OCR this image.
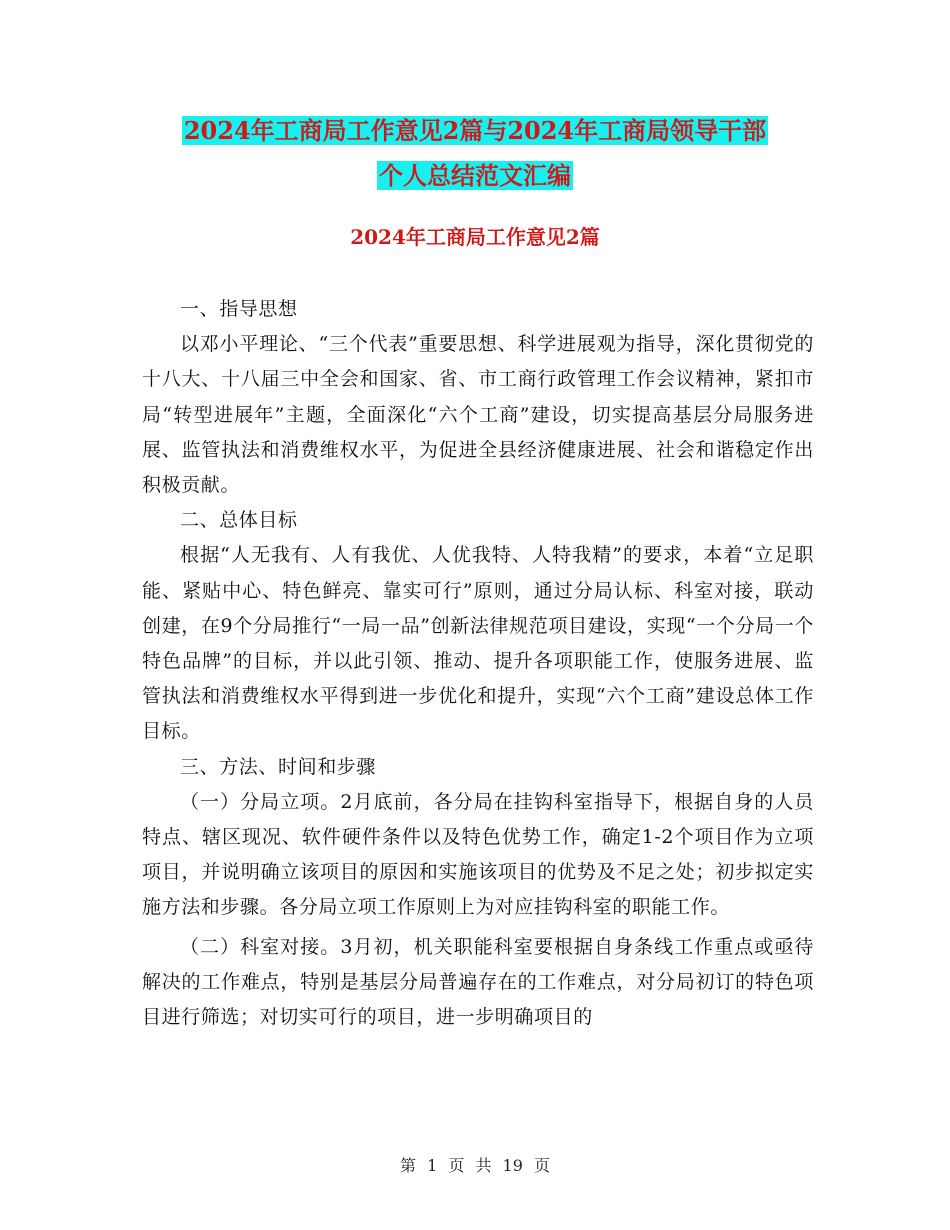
2024年工商局工作意见2篇与2024年工商局领导干部
个人总结范文汇编
2024年工商局工作意见2篇

一、指导思想

以邓小平理论、“三个代表”重要思想、科学进展观为指导，深化贯彻党的十八大、十八届三中全会和国家、省、市工商行政管理工作会议精神，紧扣市局“转型进展年”主题，全面深化“六个工商”建设，切实提高基层分局服务进展、监管执法和消费维权水平，为促进全县经济健康进展、社会和谐稳定作出积极贡献。

二、总体目标

根据“人无我有、人有我优、人优我特、人特我精”的要求，本着“立足职能、紧贴中心、特色鲜亮、靠实可行”原则，通过分局认标、科室对接，联动创建，在9个分局推行“一局一品”创新法律规范项目建设，实现“一个分局一个特色品牌”的目标，并以此引领、推动、提升各项职能工作，使服务进展、监管执法和消费维权水平得到进一步优化和提升，实现“六个工商”建设总体工作目标。

三、方法、时间和步骤

（一）分局立项。2月底前，各分局在挂钩科室指导下，根据自身的人员特点、辖区现况、软件硬件条件以及特色优势工作，确定1-2个项目作为立项项目，并说明确立该项目的原因和实施该项目的优势及不足之处；初步拟定实施方法和步骤。各分局立项工作原则上为对应挂钩科室的职能工作。

（二）科室对接。3月初，机关职能科室要根据自身条线工作重点或亟待解决的工作难点，特别是基层分局普遍存在的工作难点，对分局初订的特色项目进行筛选；对切实可行的项目，进一步明确项目的

第 1 页 共 19 页
